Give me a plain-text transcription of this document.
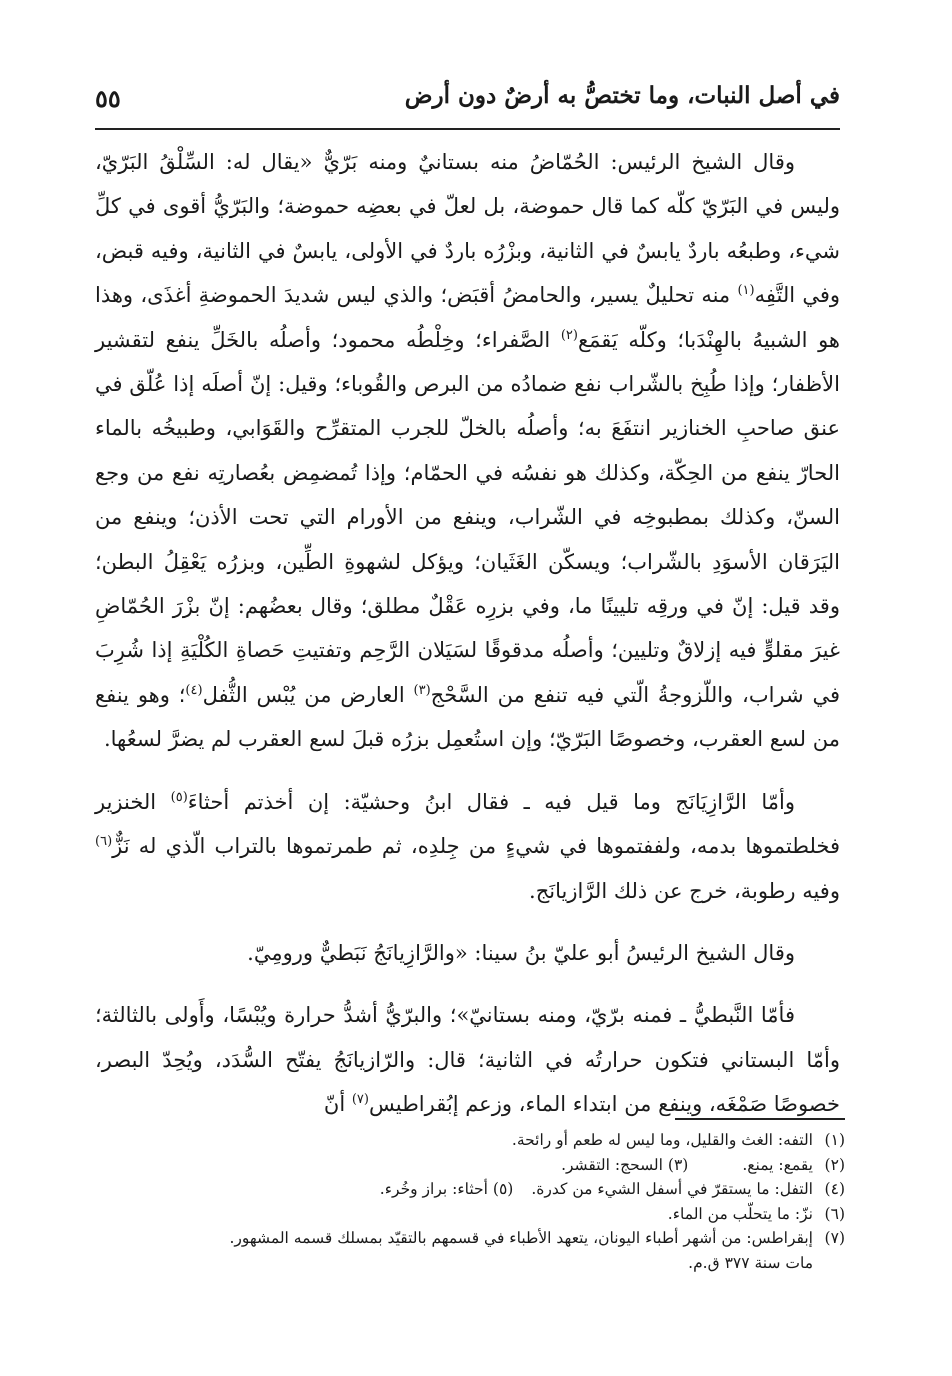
في أصل النبات، وما تختصُّ به أرضٌ دون أرض
٥٥

وقال الشيخ الرئيس: الحُمّاضُ منه بستانيٌ ومنه بَرّيٌّ «يقال له: السِّلْقُ البَرّيّ، وليس في البَرّيّ كلّه كما قال حموضة، بل لعلّ في بعضِه حموضة؛ والبَرّيُّ أقوى في كلِّ شيء، وطبعُه باردٌ يابسٌ في الثانية، وبزْرُه باردٌ في الأولى، يابسٌ في الثانية، وفيه قبض، وفي التَّفِه$^{(١)}$ منه تحليلٌ يسير، والحامضُ أقبَض؛ والذي ليس شديدَ الحموضةِ أغذَى، وهذا هو الشبيهُ بالهِنْدَبا؛ وكلّه يَقمَع$^{(٢)}$ الصَّفراء؛ وخِلْطُه محمود؛ وأصلُه بالخَلِّ ينفع لتقشير الأظفار؛ وإذا طُبِخ بالشّراب نفع ضمادُه من البرص والقُوباء؛ وقيل: إنّ أصلَه إذا عُلّق في عنق صاحبِ الخنازير انتفَعَ به؛ وأصلُه بالخلّ للجرب المتقرِّح والقَوَابي، وطبيخُه بالماء الحارّ ينفع من الحِكّة، وكذلك هو نفسُه في الحمّام؛ وإذا تُمضمِض بعُصارتِه نفع من وجع السنّ، وكذلك بمطبوخِه في الشّراب، وينفع من الأورام التي تحت الأذن؛ وينفع من اليَرَقان الأسوَدِ بالشّراب؛ ويسكّن الغَثَيان؛ ويؤكل لشهوةِ الطِّين، وبزرُه يَعْقِلُ البطن؛ وقد قيل: إنّ في ورقِه تليينًا ما، وفي بزرِه عَقْلٌ مطلق؛ وقال بعضُهم: إنّ بزْرَ الحُمّاضِ غيرَ مقلوٍّ فيه إزلاقٌ وتليين؛ وأصلُه مدقوقًا لسَيَلان الرَّحِم وتفتيتِ حَصاةِ الكُلْيَةِ إذا شُرِبَ في شراب، واللّزوجةُ الّتي فيه تنفع من السَّحْج$^{(٣)}$ العارض من يُبْس الثُّفل$^{(٤)}$؛ وهو ينفع من لسع العقرب، وخصوصًا البَرّيّ؛ وإن استُعمِل بزرُه قبلَ لسع العقرب لم يضرَّ لسعُها.

وأمّا الرَّازِيَانَج وما قيل فيه ـ فقال ابنُ وحشيّة: إن أخذتم أحثاءَ$^{(٥)}$ الخنزير فخلطتموها بدمه، ولففتموها في شيءٍ من جِلدِه، ثم طمرتموها بالتراب الّذي له نَزٌّ$^{(٦)}$ وفيه رطوبة، خرج عن ذلك الرَّازيانَج.

وقال الشيخ الرئيسُ أبو عليّ بنُ سينا: «والرَّازِيانَجُ نَبَطيٌّ ورومِيّ.

فأمّا النَّبطيُّ ـ فمنه برّيّ، ومنه بستانيّ»؛ والبرّيُّ أشدُّ حرارة ويُبْسًا، وأَولى بالثالثة؛ وأمّا البستاني فتكون حرارتُه في الثانية؛ قال: والرّازيانَجُ يفتّح السُّدَد، ويُحِدّ البصر، خصوصًا صَمْغَه، وينفع من ابتداء الماء، وزعم إبُقراطيس$^{(٧)}$ أنّ

(١)
التفه: الغث والقليل، وما ليس له طعم أو رائحة.
(٢)
يقمع: يمنع.(٣) السحج: التقشر.
(٤)
التفل: ما يستقرّ في أسفل الشيء من كدرة.(٥) أحثاء: براز وخُرء.
(٦)
نزّ: ما يتحلّب من الماء.
(٧)
إبقراطس: من أشهر أطباء اليونان، يتعهد الأطباء في قسمهم بالتقيّد بمسلك قسمه المشهور.
مات سنة ٣٧٧ ق.م.
